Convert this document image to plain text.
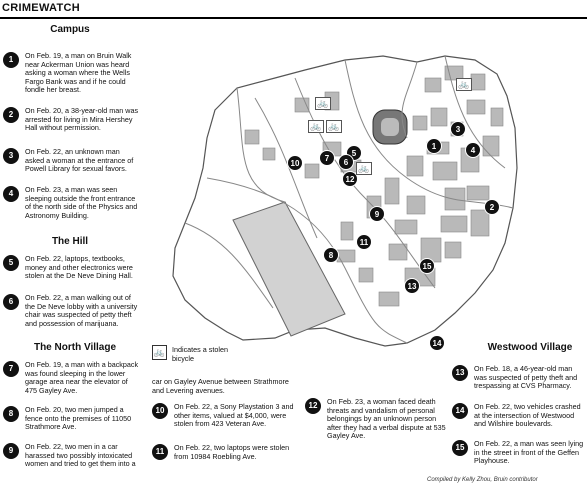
CRIMEWATCH
Campus
The Hill
The North Village	Westwood Village
1	On Feb. 19, a man on Bruin Walk near Ackerman Union was heard asking a woman where the Wells Fargo Bank was and if he could fondle her breast.
2	On Feb. 20, a 38-year-old man was arrested for living in Mira Hershey Hall without permission.
3	On Feb. 22, an unknown man asked a woman at the entrance of Powell Library for sexual favors.
4	On Feb. 23, a man was seen sleeping outside the front entrance of the north side of the Physics and Astronomy Building.
5	On Feb. 22, laptops, textbooks, money and other electronics were stolen at the De Neve Dining Hall.
6	On Feb. 22, a man walking out of the De Neve lobby with a university chair was suspected of petty theft and possession of marijuana.
7	On Feb. 19, a man with a backpack was found sleeping in the lower garage area near the elevator of 475 Gayley Ave.
8	On Feb. 20, two men jumped a fence onto the premises of 11050 Strathmore Ave.
9	On Feb. 22, two men in a car harassed two possibly intoxicated women and tried to get them into a
car on Gayley Avenue between Strathmore and Levering avenues.
10	On Feb. 22, a Sony Playstation 3 and other items, valued at $4,000, were stolen from 423 Veteran Ave.
11	On Feb. 22, two laptops were stolen from 10984 Roebling Ave.
12	On Feb. 23, a woman faced death threats and vandalism of personal belongings by an unknown person after they had a verbal dispute at 535 Gayley Ave.
13	On Feb. 18, a 46-year-old man was suspected of petty theft and trespassing at CVS Pharmacy.
14	On Feb. 22, two vehicles crashed at the intersection of Westwood and Wilshire boulevards.
15	On Feb. 22, a man was seen lying in the street in front of the Geffen Playhouse.
1
2
3
4
5
6
7
8
9
10
11
12
13
14
15
🚲
🚲 🚲
🚲
🚲
🚲 Indicates a stolen bicycle
Compiled by Kelly Zhou, Bruin contributor
